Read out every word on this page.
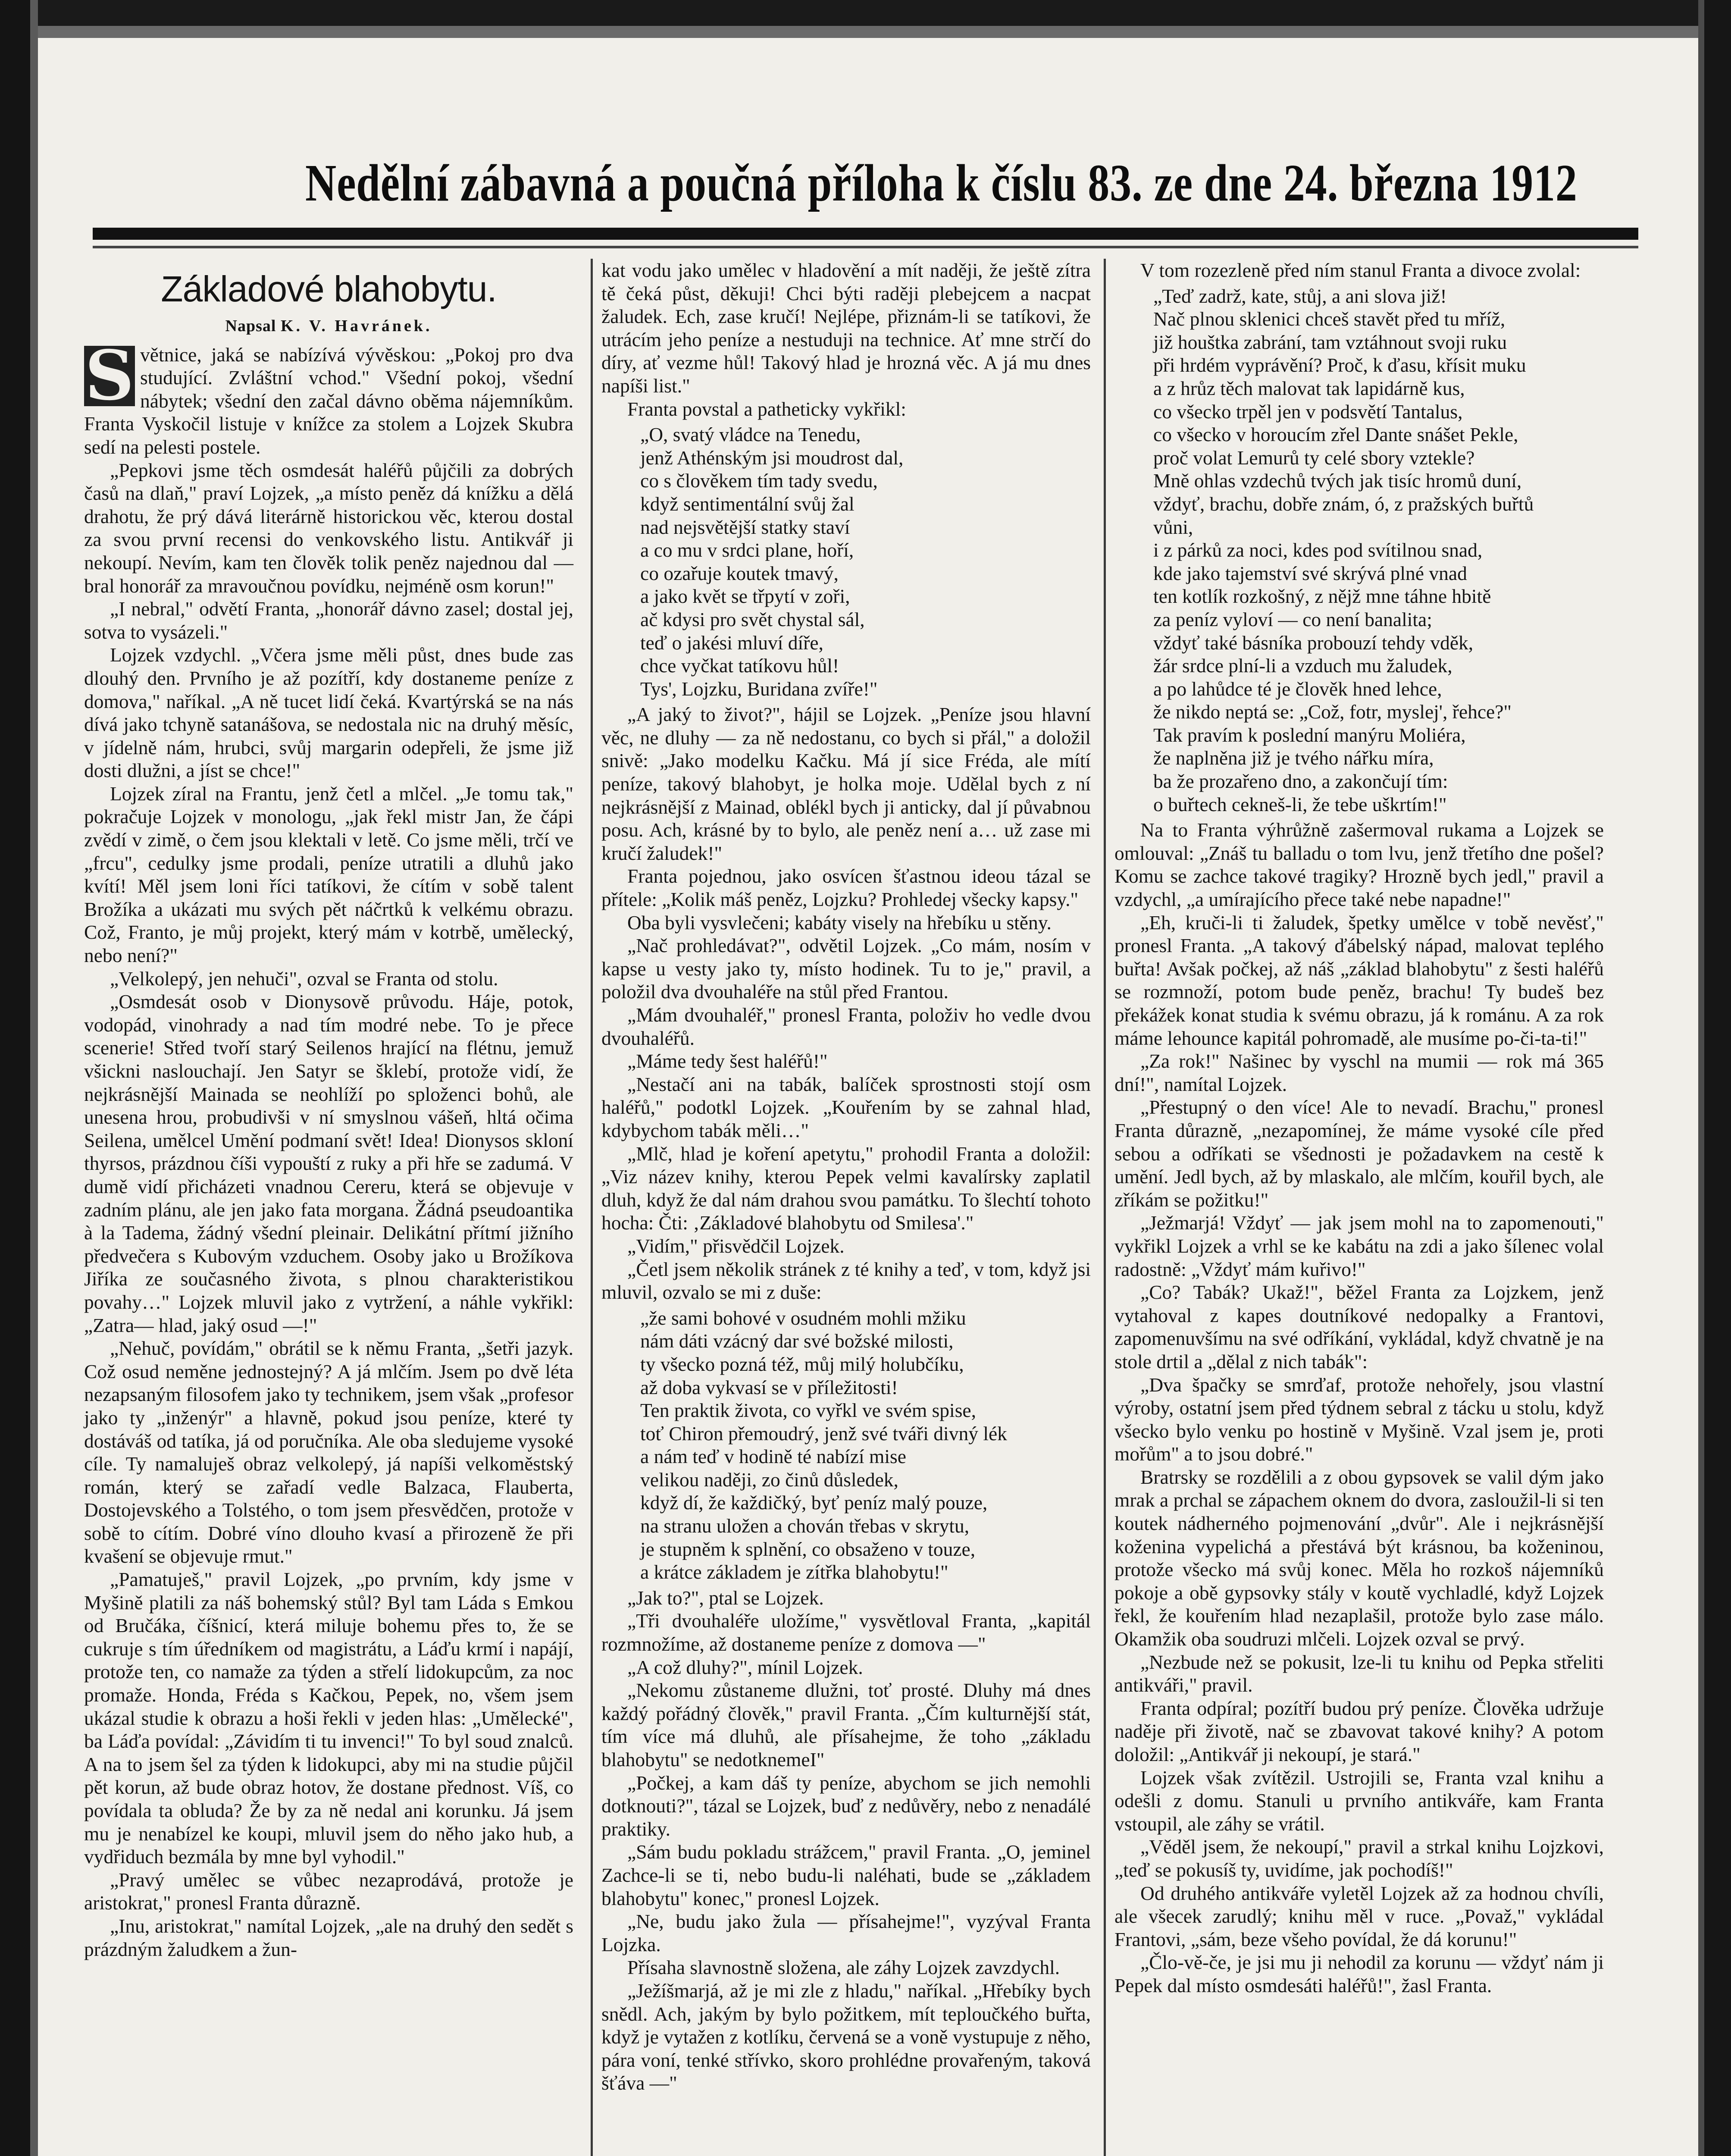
Nedělní zábavná a poučná příloha k číslu 83. ze dne 24. března 1912
Základové blahobytu.
Napsal K. V. Havránek.

S větnice, jaká se nabízívá vývěskou: „Pokoj pro dva studující. Zvláštní vchod." Všední pokoj, všední nábytek; všední den začal dávno oběma nájemníkům. Franta Vyskočil listuje v knížce za stolem a Lojzek Skubra sedí na pelesti postele.

„Pepkovi jsme těch osmdesát haléřů půjčili za dobrých časů na dlaň," praví Lojzek, „a místo peněz dá knížku a dělá drahotu, že prý dává literárně historickou věc, kterou dostal za svou první recensi do venkovského listu. Antikvář ji nekoupí. Nevím, kam ten člověk tolik peněz najednou dal — bral honorář za mravoučnou povídku, nejméně osm korun!"

„I nebral," odvětí Franta, „honorář dávno zasel; dostal jej, sotva to vysázeli."

Lojzek vzdychl. „Včera jsme měli půst, dnes bude zas dlouhý den. Prvního je až pozítří, kdy dostaneme peníze z domova," naříkal. „A ně tucet lidí čeká. Kvartýrská se na nás dívá jako tchyně satanášova, se nedostala nic na druhý měsíc, v jídelně nám, hrubci, svůj margarin odepřeli, že jsme již dosti dlužni, a jíst se chce!"

Lojzek zíral na Frantu, jenž četl a mlčel. „Je tomu tak," pokračuje Lojzek v monologu, „jak řekl mistr Jan, že čápi zvědí v zimě, o čem jsou klektali v letě. Co jsme měli, trčí ve „frcu", cedulky jsme prodali, peníze utratili a dluhů jako kvítí! Měl jsem loni říci tatíkovi, že cítím v sobě talent Brožíka a ukázati mu svých pět náčrtků k velkému obrazu. Což, Franto, je můj projekt, který mám v kotrbě, umělecký, nebo není?"

„Velkolepý, jen nehuči", ozval se Franta od stolu.

„Osmdesát osob v Dionysově průvodu. Háje, potok, vodopád, vinohrady a nad tím modré nebe. To je přece scenerie! Střed tvoří starý Seilenos hrající na flétnu, jemuž všickni naslouchají. Jen Satyr se šklebí, protože vidí, že nejkrásnější Mainada se neohlíží po sploženci bohů, ale unesena hrou, probudivši v ní smyslnou vášeň, hltá očima Seilena, umělcel Umění podmaní svět! Idea! Dionysos skloní thyrsos, prázdnou číši vypouští z ruky a při hře se zadumá. V dumě vidí přicházeti vnadnou Cereru, která se objevuje v zadním plánu, ale jen jako fata morgana. Žádná pseudoantika à la Tadema, žádný všední pleinair. Delikátní přítmí jižního předvečera s Kubovým vzduchem. Osoby jako u Brožíkova Jiříka ze současného života, s plnou charakteristikou povahy…" Lojzek mluvil jako z vytržení, a náhle vykřikl: „Zatra— hlad, jaký osud —!"

„Nehuč, povídám," obrátil se k němu Franta, „šetři jazyk. Což osud neměne jednostejný? A já mlčím. Jsem po dvě léta nezapsaným filosofem jako ty technikem, jsem však „profesor jako ty „inženýr" a hlavně, pokud jsou peníze, které ty dostáváš od tatíka, já od poručníka. Ale oba sledujeme vysoké cíle. Ty namaluješ obraz velkolepý, já napíši velkoměstský román, který se zařadí vedle Balzaca, Flauberta, Dostojevského a Tolstého, o tom jsem přesvědčen, protože v sobě to cítím. Dobré víno dlouho kvasí a přirozeně že při kvašení se objevuje rmut."

„Pamatuješ," pravil Lojzek, „po prvním, kdy jsme v Myšině platili za náš bohemský stůl? Byl tam Láda s Emkou od Bručáka, číšnicí, která miluje bohemu přes to, že se cukruje s tím úředníkem od magistrátu, a Láďu krmí i napájí, protože ten, co namaže za týden a střelí lidokupcům, za noc promaže. Honda, Fréda s Kačkou, Pepek, no, všem jsem ukázal studie k obrazu a hoši řekli v jeden hlas: „Umělecké", ba Láďa povídal: „Závidím ti tu invenci!" To byl soud znalců. A na to jsem šel za týden k lidokupci, aby mi na studie půjčil pět korun, až bude obraz hotov, že dostane přednost. Víš, co povídala ta obluda? Že by za ně nedal ani korunku. Já jsem mu je nenabízel ke koupi, mluvil jsem do něho jako hub, a vydřiduch bezmála by mne byl vyhodil."

„Pravý umělec se vůbec nezaprodává, protože je aristokrat," pronesl Franta důrazně.

„Inu, aristokrat," namítal Lojzek, „ale na druhý den sedět s prázdným žaludkem a žun-

kat vodu jako umělec v hladovění a mít naději, že ještě zítra tě čeká půst, děkuji! Chci býti raději plebejcem a nacpat žaludek. Ech, zase kručí! Nejlépe, přiznám-li se tatíkovi, že utrácím jeho peníze a nestuduji na technice. Ať mne strčí do díry, ať vezme hůl! Takový hlad je hrozná věc. A já mu dnes napíši list."

Franta povstal a patheticky vykřikl:

„O, svatý vládce na Tenedu,
jenž Athénským jsi moudrost dal,
co s člověkem tím tady svedu,
když sentimentální svůj žal
nad nejsvětější statky staví
a co mu v srdci plane, hoří,
co ozařuje koutek tmavý,
a jako květ se třpytí v zoři,
ač kdysi pro svět chystal sál,
teď o jakési mluví díře,
chce vyčkat tatíkovu hůl!
Tys', Lojzku, Buridana zvíře!"

„A jaký to život?", hájil se Lojzek. „Peníze jsou hlavní věc, ne dluhy — za ně nedostanu, co bych si přál," a doložil snivě: „Jako modelku Kačku. Má jí sice Fréda, ale mítí peníze, takový blahobyt, je holka moje. Udělal bych z ní nejkrásnější z Mainad, oblékl bych ji anticky, dal jí půvabnou posu. Ach, krásné by to bylo, ale peněz není a… už zase mi kručí žaludek!"

Franta pojednou, jako osvícen šťastnou ideou tázal se přítele: „Kolik máš peněz, Lojzku? Prohledej všecky kapsy."

Oba byli vysvlečeni; kabáty visely na hřebíku u stěny.

„Nač prohledávat?", odvětil Lojzek. „Co mám, nosím v kapse u vesty jako ty, místo hodinek. Tu to je," pravil, a položil dva dvouhaléře na stůl před Frantou.

„Mám dvouhaléř," pronesl Franta, položiv ho vedle dvou dvouhaléřů.

„Máme tedy šest haléřů!"

„Nestačí ani na tabák, balíček sprostnosti stojí osm haléřů," podotkl Lojzek. „Kouřením by se zahnal hlad, kdybychom tabák měli…"

„Mlč, hlad je koření apetytu," prohodil Franta a doložil: „Viz název knihy, kterou Pepek velmi kavalírsky zaplatil dluh, když že dal nám drahou svou památku. To šlechtí tohoto hocha: Čti: ‚Základové blahobytu od Smilesa'."

„Vidím," přisvědčil Lojzek.

„Četl jsem několik stránek z té knihy a teď, v tom, když jsi mluvil, ozvalo se mi z duše:

„že sami bohové v osudném mohli mžiku
nám dáti vzácný dar své božské milosti,
ty všecko pozná též, můj milý holubčíku,
až doba vykvasí se v příležitosti!
Ten praktik života, co vyřkl ve svém spise,
toť Chiron přemoudrý, jenž své tváři divný lék
a nám teď v hodině té nabízí mise
velikou naději, zo činů důsledek,
když dí, že každičký, byť peníz malý pouze,
na stranu uložen a chován třebas v skrytu,
je stupněm k splnění, co obsaženo v touze,
a krátce základem je zítřka blahobytu!"

„Jak to?", ptal se Lojzek.

„Tři dvouhaléře uložíme," vysvětloval Franta, „kapitál rozmnožíme, až dostaneme peníze z domova —"

„A což dluhy?", mínil Lojzek.

„Nekomu zůstaneme dlužni, toť prosté. Dluhy má dnes každý pořádný člověk," pravil Franta. „Čím kulturnější stát, tím více má dluhů, ale přísahejme, že toho „základu blahobytu" se nedotknemeI"

„Počkej, a kam dáš ty peníze, abychom se jich nemohli dotknouti?", tázal se Lojzek, buď z nedůvěry, nebo z nenadálé praktiky.

„Sám budu pokladu strážcem," pravil Franta. „O, jeminel Zachce-li se ti, nebo budu-li naléhati, bude se „základem blahobytu" konec," pronesl Lojzek.

„Ne, budu jako žula — přísahejme!", vyzýval Franta Lojzka.

Přísaha slavnostně složena, ale záhy Lojzek zavzdychl.

„Ježíšmarjá, až je mi zle z hladu," naříkal. „Hřebíky bych snědl. Ach, jakým by bylo požitkem, mít teploučkého buřta, když je vytažen z kotlíku, červená se a voně vystupuje z něho, pára voní, tenké střívko, skoro prohlédne provařeným, taková šťáva —"

V tom rozezleně před ním stanul Franta a divoce zvolal:

„Teď zadrž, kate, stůj, a ani slova již!
Nač plnou sklenici chceš stavět před tu mříž,
již houštka zabrání, tam vztáhnout svoji ruku
při hrdém vyprávění? Proč, k ďasu, křísit muku
a z hrůz těch malovat tak lapidárně kus,
co všecko trpěl jen v podsvětí Tantalus,
co všecko v horoucím zřel Dante snášet Pekle,
proč volat Lemurů ty celé sbory vztekle?
Mně ohlas vzdechů tvých jak tisíc hromů duní,
vždyť, brachu, dobře znám, ó, z pražských buřtů
vůni,
i z párků za noci, kdes pod svítilnou snad,
kde jako tajemství své skrývá plné vnad
ten kotlík rozkošný, z nějž mne táhne hbitě
za peníz vyloví — co není banalita;
vždyť také básníka probouzí tehdy vděk,
žár srdce plní-li a vzduch mu žaludek,
a po lahůdce té je člověk hned lehce,
že nikdo neptá se: „Což, fotr, myslej', řehce?"
Tak pravím k poslední manýru Moliéra,
že naplněna již je tvého nářku míra,
ba že prozařeno dno, a zakončují tím:
o buřtech cekneš-li, že tebe uškrtím!"

Na to Franta výhrůžně zašermoval rukama a Lojzek se omlouval: „Znáš tu balladu o tom lvu, jenž třetího dne pošel? Komu se zachce takové tragiky? Hrozně bych jedl," pravil a vzdychl, „a umírajícího přece také nebe napadne!"

„Eh, kruči-li ti žaludek, špetky umělce v tobě nevěsť," pronesl Franta. „A takový ďábelský nápad, malovat teplého buřta! Avšak počkej, až náš „základ blahobytu" z šesti haléřů se rozmnoží, potom bude peněz, brachu! Ty budeš bez překážek konat studia k svému obrazu, já k románu. A za rok máme lehounce kapitál pohromadě, ale musíme po-či-ta-ti!"

„Za rok!" Našinec by vyschl na mumii — rok má 365 dní!", namítal Lojzek.

„Přestupný o den více! Ale to nevadí. Brachu," pronesl Franta důrazně, „nezapomínej, že máme vysoké cíle před sebou a odříkati se všednosti je požadavkem na cestě k umění. Jedl bych, až by mlaskalo, ale mlčím, kouřil bych, ale zříkám se požitku!"

„Ježmarjá! Vždyť — jak jsem mohl na to zapomenouti," vykřikl Lojzek a vrhl se ke kabátu na zdi a jako šílenec volal radostně: „Vždyť mám kuřivo!"

„Co? Tabák? Ukaž!", běžel Franta za Lojzkem, jenž vytahoval z kapes doutníkové nedopalky a Frantovi, zapomenuvšímu na své odříkání, vykládal, když chvatně je na stole drtil a „dělal z nich tabák":

„Dva špačky se smrďaf, protože nehořely, jsou vlastní výroby, ostatní jsem před týdnem sebral z tácku u stolu, když všecko bylo venku po hostině v Myšině. Vzal jsem je, proti mořům" a to jsou dobré."

Bratrsky se rozdělili a z obou gypsovek se valil dým jako mrak a prchal se zápachem oknem do dvora, zasloužil-li si ten koutek nádherného pojmenování „dvůr". Ale i nejkrásnější koženina vypelichá a přestává být krásnou, ba koženinou, protože všecko má svůj konec. Měla ho rozkoš nájemníků pokoje a obě gypsovky stály v koutě vychladlé, když Lojzek řekl, že kouřením hlad nezaplašil, protože bylo zase málo. Okamžik oba soudruzi mlčeli. Lojzek ozval se prvý.

„Nezbude než se pokusit, lze-li tu knihu od Pepka střeliti antikváři," pravil.

Franta odpíral; pozítří budou prý peníze. Člověka udržuje naděje při životě, nač se zbavovat takové knihy? A potom doložil: „Antikvář ji nekoupí, je stará."

Lojzek však zvítězil. Ustrojili se, Franta vzal knihu a odešli z domu. Stanuli u prvního antikváře, kam Franta vstoupil, ale záhy se vrátil.

„Věděl jsem, že nekoupí," pravil a strkal knihu Lojzkovi, „teď se pokusíš ty, uvidíme, jak pochodíš!"

Od druhého antikváře vyletěl Lojzek až za hodnou chvíli, ale všecek zarudlý; knihu měl v ruce. „Považ," vykládal Frantovi, „sám, beze všeho povídal, že dá korunu!"

„Člo-vě-če, je jsi mu ji nehodil za korunu — vždyť nám ji Pepek dal místo osmdesáti haléřů!", žasl Franta.
